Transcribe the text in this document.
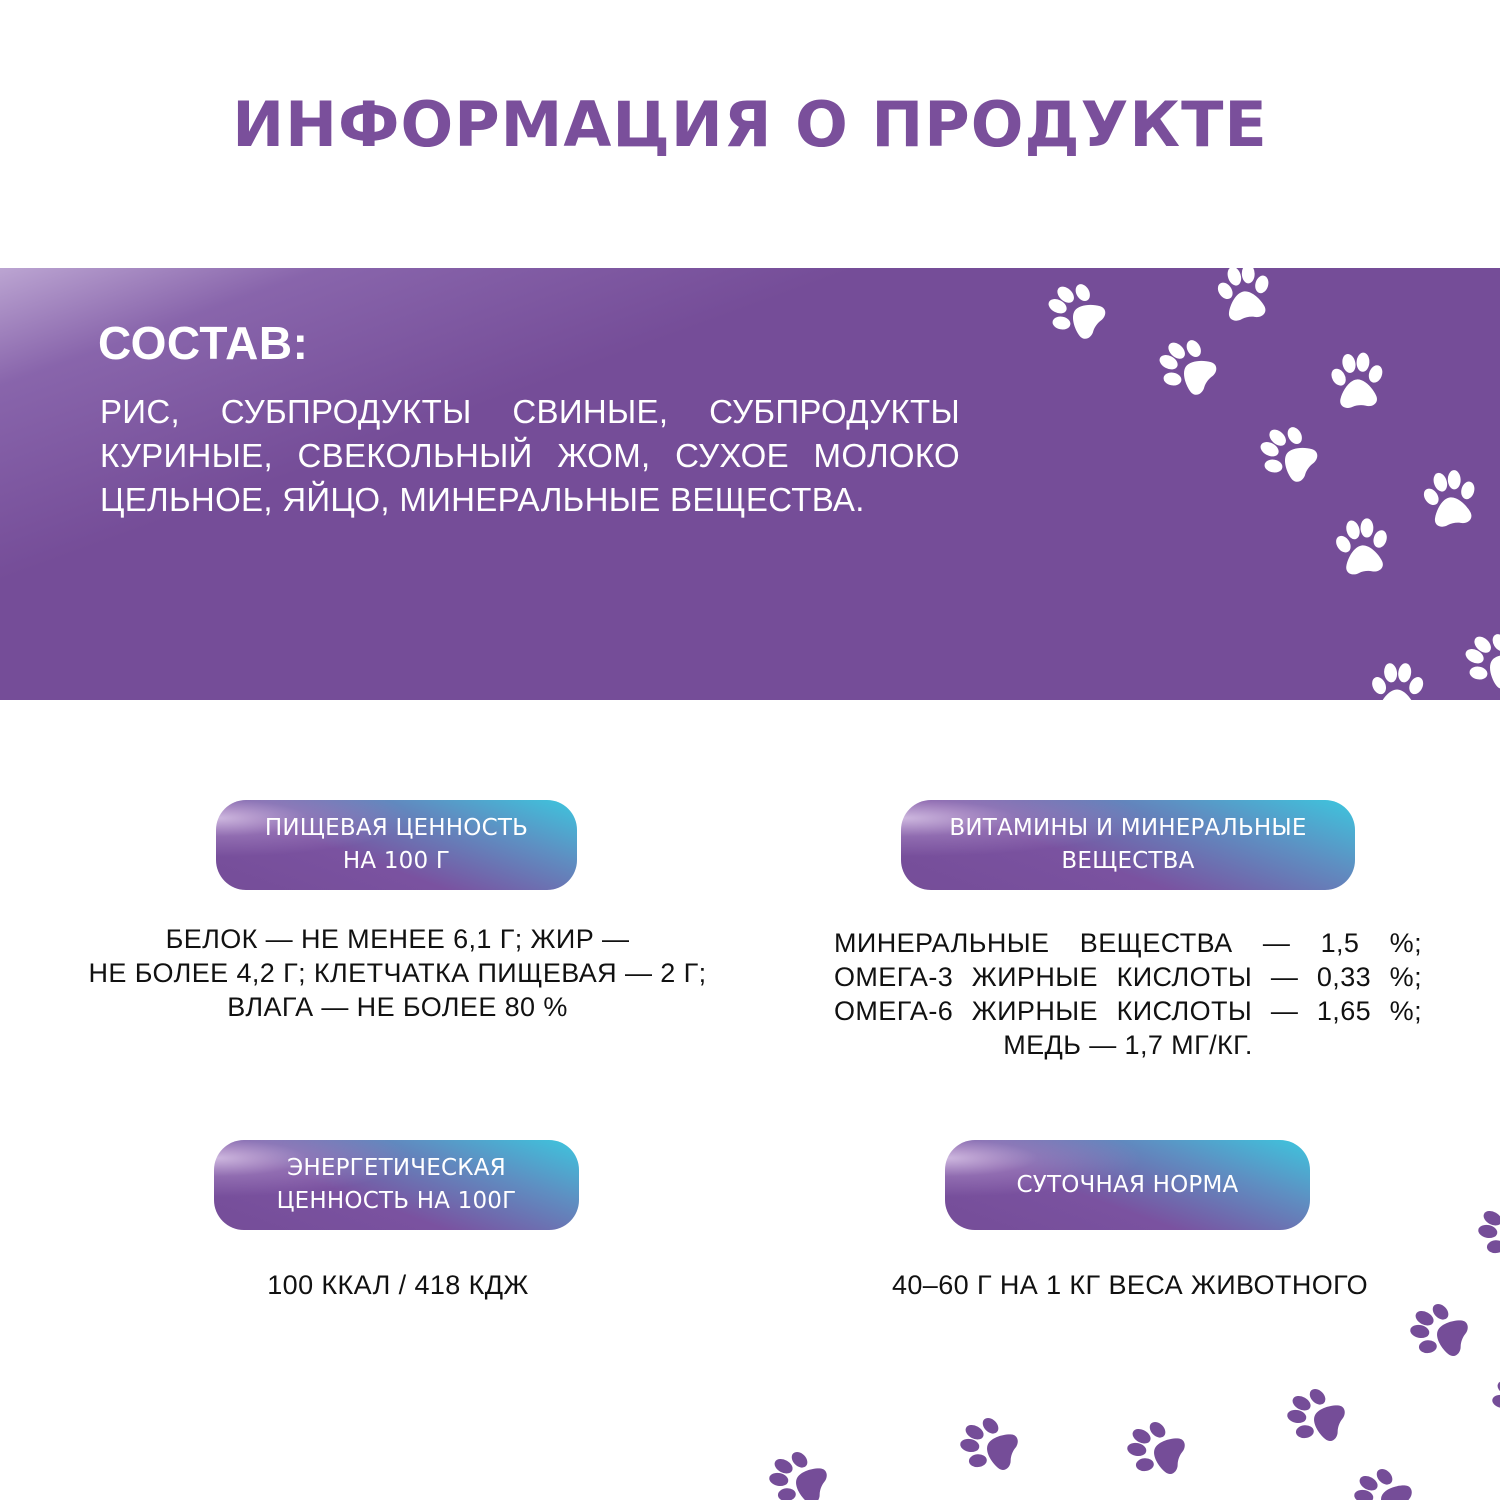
ИНФОРМАЦИЯ О ПРОДУКТЕ
СОСТАВ:

РИС, СУБПРОДУКТЫ СВИНЫЕ, СУБПРОДУКТЫ КУРИНЫЕ, СВЕКОЛЬНЫЙ ЖОМ, СУХОЕ МОЛОКО ЦЕЛЬНОЕ, ЯЙЦО, МИНЕРАЛЬНЫЕ ВЕЩЕСТВА.

ПИЩЕВАЯ ЦЕННОСТЬ
НА 100 Г
БЕЛОК — НЕ МЕНЕЕ 6,1 Г; ЖИР —
НЕ БОЛЕЕ 4,2 Г; КЛЕТЧАТКА ПИЩЕВАЯ — 2 Г;
ВЛАГА — НЕ БОЛЕЕ 80 %
ВИТАМИНЫ И МИНЕРАЛЬНЫЕ
ВЕЩЕСТВА
МИНЕРАЛЬНЫЕ ВЕЩЕСТВА — 1,5 %;
ОМЕГА-3 ЖИРНЫЕ КИСЛОТЫ — 0,33 %;
ОМЕГА-6 ЖИРНЫЕ КИСЛОТЫ — 1,65 %;
МЕДЬ — 1,7 МГ/КГ.
ЭНЕРГЕТИЧЕСКАЯ
ЦЕННОСТЬ НА 100Г
100 ККАЛ / 418 КДЖ
СУТОЧНАЯ НОРМА
40–60 Г НА 1 КГ ВЕСА ЖИВОТНОГО
